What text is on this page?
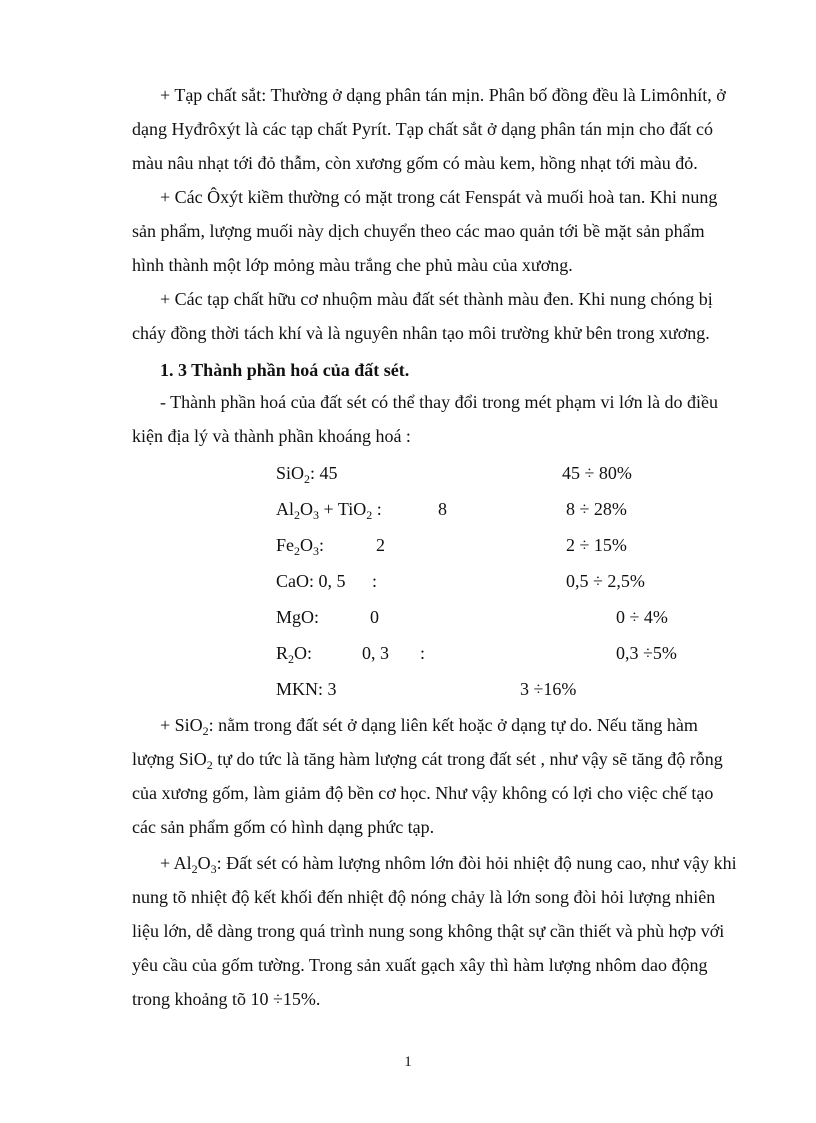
+ Tạp chất sắt: Thường ở dạng phân tán mịn. Phân bố đồng đều là Limônhít, ở
dạng Hyđrôxýt là các tạp chất Pyrít. Tạp chất sắt ở dạng phân tán mịn cho đất có
màu nâu nhạt tới đỏ thẫm, còn xương gốm có màu kem, hồng nhạt tới màu đỏ.

+ Các Ôxýt kiềm thường có mặt trong cát Fenspát và muối hoà tan. Khi nung
sản phẩm, lượng muối này dịch chuyển theo các mao quản tới bề mặt sản phẩm
hình thành một lớp mỏng màu trắng che phủ màu của xương.

+ Các tạp chất hữu cơ nhuộm màu đất sét thành màu đen. Khi nung chóng bị
cháy đồng thời tách khí và là nguyên nhân tạo môi trường khử bên trong xương.

1. 3 Thành phần hoá của đất sét.

- Thành phần hoá của đất sét có thể thay đổi trong mét phạm vi lớn là do điều
kiện địa lý và thành phần khoáng hoá :

SiO$_2$: 45	45 ÷ 80%
$Al_2O_3 + TiO_2$ :	8	8 ÷ 28%
$Fe_2O_3$:	2	2 ÷ 15%
CaO: 0, 5 :	0,5 ÷ 2,5%
MgO:	0	0 ÷ 4%
$R_2O$:	0, 3 :	0,3 ÷5%
MKN: 3	3 ÷16%

+ SiO$_2$: nằm trong đất sét ở dạng liên kết hoặc ở dạng tự do. Nếu tăng hàm
lượng SiO$_2$ tự do tức là tăng hàm lượng cát trong đất sét , như vậy sẽ tăng độ rỗng
của xương gốm, làm giảm độ bền cơ học. Như vậy không có lợi cho việc chế tạo
các sản phẩm gốm có hình dạng phức tạp.

+ $Al_2O_3$: Đất sét có hàm lượng nhôm lớn đòi hỏi nhiệt độ nung cao, như vậy khi
nung tõ nhiệt độ kết khối đến nhiệt độ nóng chảy là lớn song đòi hỏi lượng nhiên
liệu lớn, dễ dàng trong quá trình nung song không thật sự cần thiết và phù hợp với
yêu cầu của gốm tường. Trong sản xuất gạch xây thì hàm lượng nhôm dao động
trong khoảng tõ 10 ÷15%.

1
